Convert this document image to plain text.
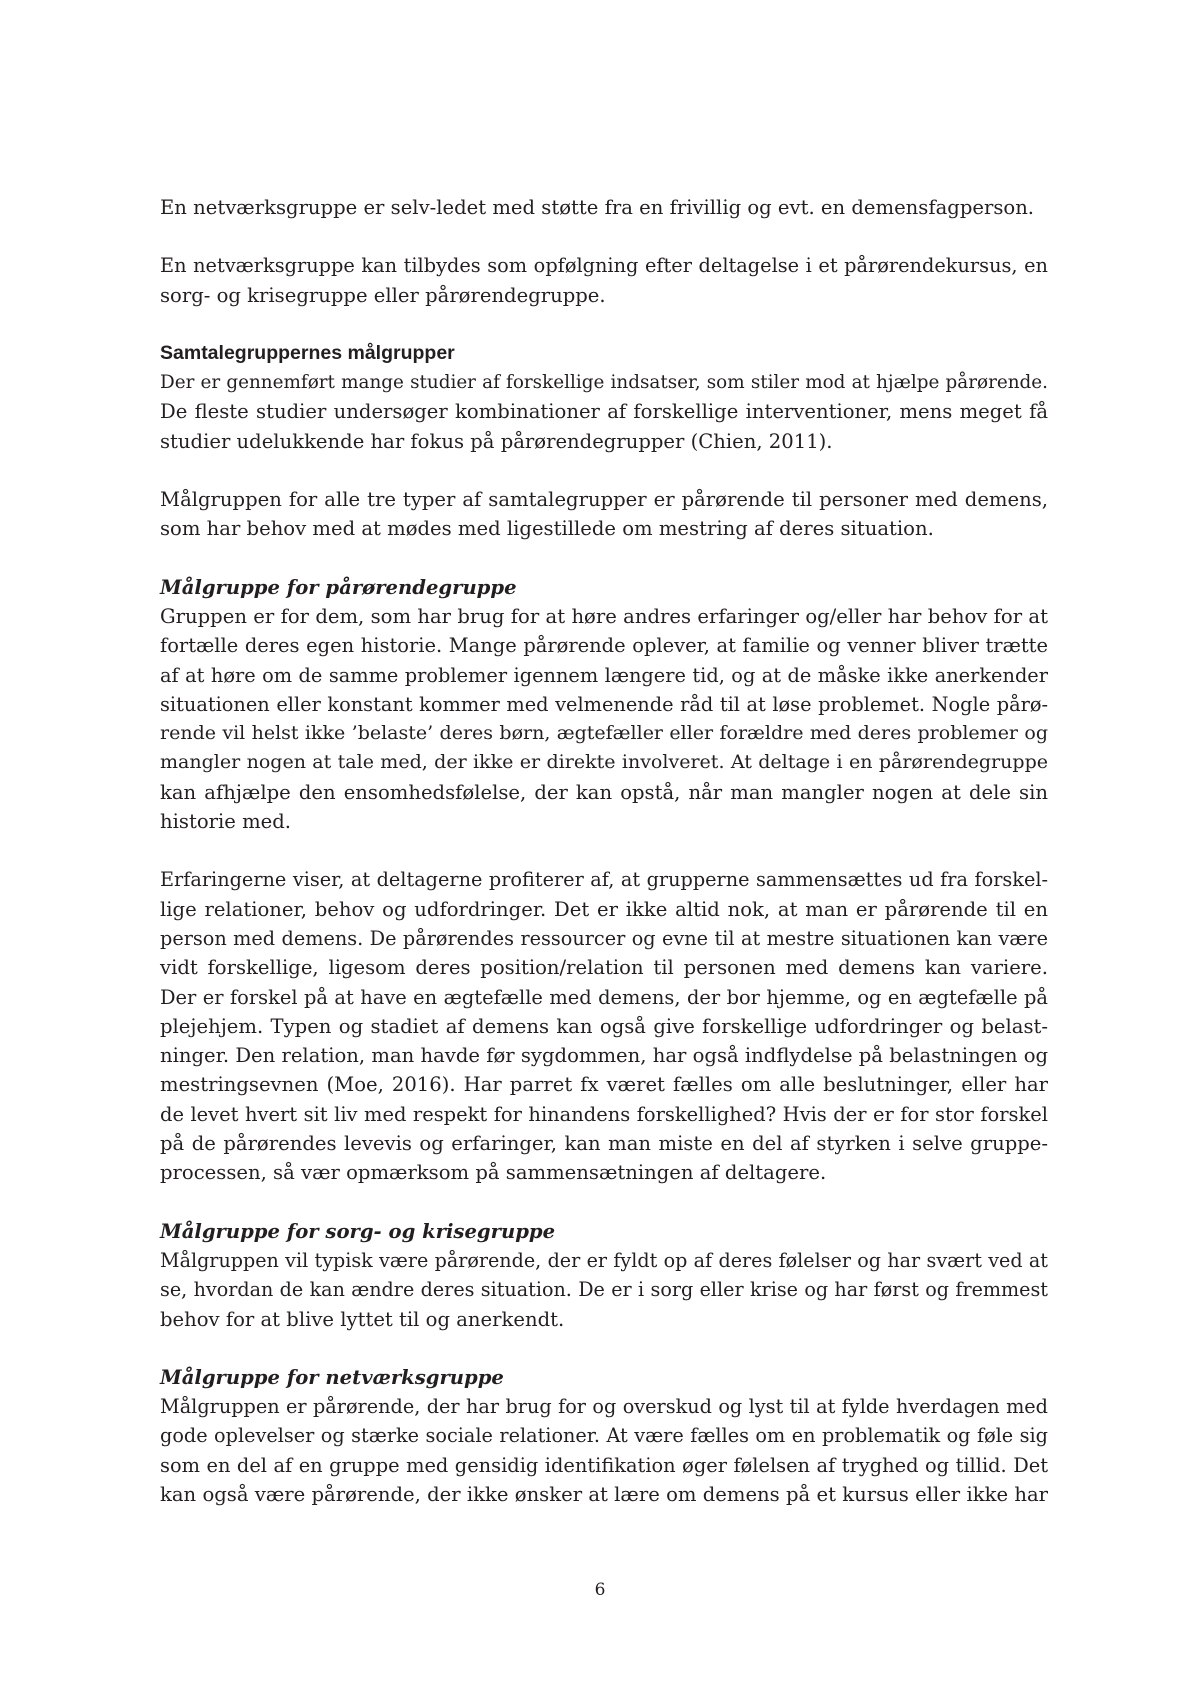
En netværksgruppe er selv-ledet med støtte fra en frivillig og evt. en demensfagperson.

En netværksgruppe kan tilbydes som opfølgning efter deltagelse i et pårørendekursus, en
sorg- og krisegruppe eller pårørendegruppe.

Samtalegruppernes målgrupper

Der er gennemført mange studier af forskellige indsatser, som stiler mod at hjælpe pårørende.
De fleste studier undersøger kombinationer af forskellige interventioner, mens meget få
studier udelukkende har fokus på pårørendegrupper (Chien, 2011).

Målgruppen for alle tre typer af samtalegrupper er pårørende til personer med demens,
som har behov med at mødes med ligestillede om mestring af deres situation.

Målgruppe for pårørendegruppe

Gruppen er for dem, som har brug for at høre andres erfaringer og/eller har behov for at
fortælle deres egen historie. Mange pårørende oplever, at familie og venner bliver trætte
af at høre om de samme problemer igennem længere tid, og at de måske ikke anerkender
situationen eller konstant kommer med velmenende råd til at løse problemet. Nogle pårø-
rende vil helst ikke ’belaste’ deres børn, ægtefæller eller forældre med deres problemer og
mangler nogen at tale med, der ikke er direkte involveret. At deltage i en pårørendegruppe
kan afhjælpe den ensomhedsfølelse, der kan opstå, når man mangler nogen at dele sin
historie med.

Erfaringerne viser, at deltagerne profiterer af, at grupperne sammensættes ud fra forskel-
lige relationer, behov og udfordringer. Det er ikke altid nok, at man er pårørende til en
person med demens. De pårørendes ressourcer og evne til at mestre situationen kan være
vidt forskellige, ligesom deres position/relation til personen med demens kan variere.
Der er forskel på at have en ægtefælle med demens, der bor hjemme, og en ægtefælle på
plejehjem. Typen og stadiet af demens kan også give forskellige udfordringer og belast-
ninger. Den relation, man havde før sygdommen, har også indflydelse på belastningen og
mestringsevnen (Moe, 2016). Har parret fx været fælles om alle beslutninger, eller har
de levet hvert sit liv med respekt for hinandens forskellighed? Hvis der er for stor forskel
på de pårørendes levevis og erfaringer, kan man miste en del af styrken i selve gruppe-
processen, så vær opmærksom på sammensætningen af deltagere.

Målgruppe for sorg- og krisegruppe

Målgruppen vil typisk være pårørende, der er fyldt op af deres følelser og har svært ved at
se, hvordan de kan ændre deres situation. De er i sorg eller krise og har først og fremmest
behov for at blive lyttet til og anerkendt.

Målgruppe for netværksgruppe

Målgruppen er pårørende, der har brug for og overskud og lyst til at fylde hverdagen med
gode oplevelser og stærke sociale relationer. At være fælles om en problematik og føle sig
som en del af en gruppe med gensidig identifikation øger følelsen af tryghed og tillid. Det
kan også være pårørende, der ikke ønsker at lære om demens på et kursus eller ikke har

6
